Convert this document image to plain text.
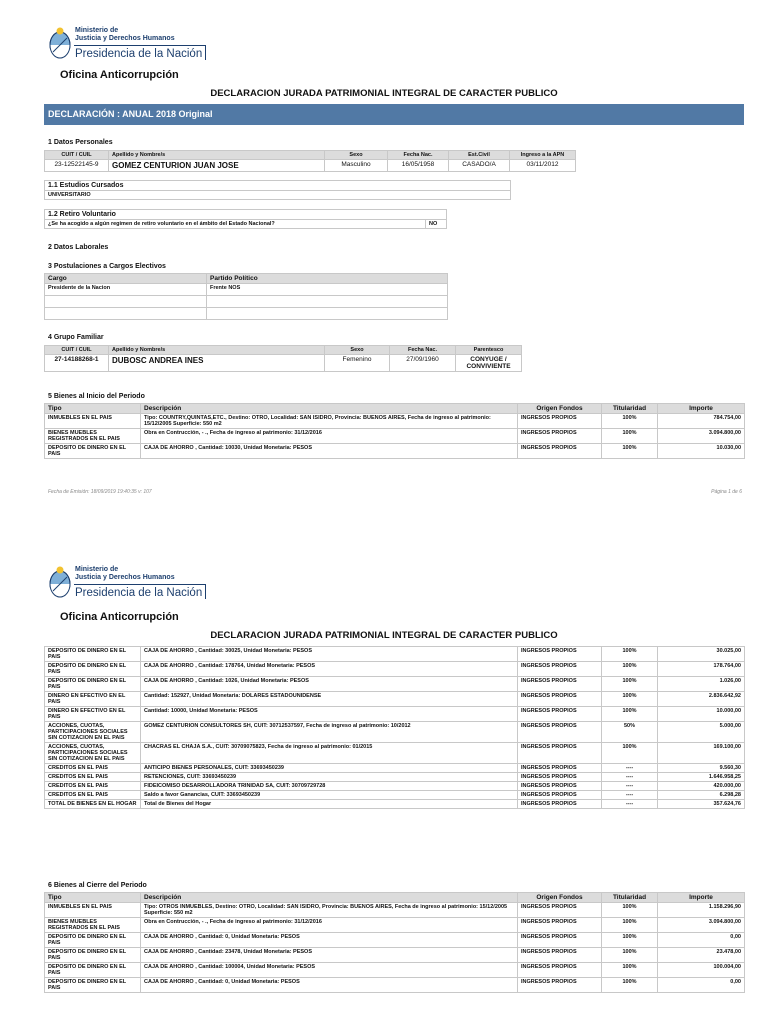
Ministerio de
Justicia y Derechos Humanos
Presidencia de la Nación
Oficina Anticorrupción
DECLARACION JURADA PATRIMONIAL INTEGRAL DE CARACTER PUBLICO
DECLARACIÓN : ANUAL 2018 Original
1 Datos Personales
CUIT / CUIL	Apellido y Nombre/s	Sexo	Fecha Nac.	Est.Civil	Ingreso a la APN
23-12522145-9	GOMEZ CENTURION JUAN JOSE	Masculino	16/05/1958	CASADO/A	03/11/2012
1.1 Estudios Cursados
UNIVERSITARIO
1.2 Retiro Voluntario
¿Se ha acogido a algún regimen de retiro voluntario en el ámbito del Estado Nacional?	NO
2 Datos Laborales
3 Postulaciones a Cargos Electivos
Cargo	Partido Político
Presidente de la Nacion	Frente NOS

4 Grupo Familiar
CUIT / CUIL	Apellido y Nombre/s	Sexo	Fecha Nac.	Parentesco
27-14188268-1	DUBOSC ANDREA INES	Femenino	27/09/1960	CONYUGE / CONVIVIENTE
5 Bienes al Inicio del Periodo
Tipo	Descripción	Origen Fondos	Titularidad	Importe
INMUEBLES EN EL PAIS	Tipo: COUNTRY,QUINTAS,ETC., Destino: OTRO, Localidad: SAN ISIDRO, Provincia: BUENOS AIRES, Fecha de ingreso al patrimonio: 15/12/2005 Superficie: 550 m2	INGRESOS PROPIOS	100%	784.754,00
BIENES MUEBLES REGISTRADOS EN EL PAIS	Obra en Contrucción, - ., Fecha de ingreso al patrimonio: 31/12/2016	INGRESOS PROPIOS	100%	3.094.800,00
DEPOSITO DE DINERO EN EL PAIS	CAJA DE AHORRO , Cantidad: 10030, Unidad Monetaria: PESOS	INGRESOS PROPIOS	100%	10.030,00
Fecha de Emisión: 18/09/2019 19:40:35 v: 107	Página 1 de 6
Ministerio de
Justicia y Derechos Humanos
Presidencia de la Nación
Oficina Anticorrupción
DECLARACION JURADA PATRIMONIAL INTEGRAL DE CARACTER PUBLICO
DEPOSITO DE DINERO EN EL PAIS	CAJA DE AHORRO , Cantidad: 30025, Unidad Monetaria: PESOS	INGRESOS PROPIOS	100%	30.025,00
DEPOSITO DE DINERO EN EL PAIS	CAJA DE AHORRO , Cantidad: 178764, Unidad Monetaria: PESOS	INGRESOS PROPIOS	100%	178.764,00
DEPOSITO DE DINERO EN EL PAIS	CAJA DE AHORRO , Cantidad: 1026, Unidad Monetaria: PESOS	INGRESOS PROPIOS	100%	1.026,00
DINERO EN EFECTIVO EN EL PAIS	Cantidad: 152927, Unidad Monetaria: DOLARES ESTADOUNIDENSE	INGRESOS PROPIOS	100%	2.836.642,92
DINERO EN EFECTIVO EN EL PAIS	Cantidad: 10000, Unidad Monetaria: PESOS	INGRESOS PROPIOS	100%	10.000,00
ACCIONES, CUOTAS, PARTICIPACIONES SOCIALES SIN COTIZACION EN EL PAIS	GOMEZ CENTURION CONSULTORES SH, CUIT: 30712537597, Fecha de ingreso al patrimonio: 10/2012	INGRESOS PROPIOS	50%	5.000,00
ACCIONES, CUOTAS, PARTICIPACIONES SOCIALES SIN COTIZACION EN EL PAIS	CHACRAS EL CHAJA S.A., CUIT: 30709075823, Fecha de ingreso al patrimonio: 01/2015	INGRESOS PROPIOS	100%	169.100,00
CREDITOS EN EL PAIS	ANTICIPO BIENES PERSONALES, CUIT: 33693450239	INGRESOS PROPIOS	----	9.560,30
CREDITOS EN EL PAIS	RETENCIONES, CUIT: 33693450239	INGRESOS PROPIOS	----	1.646.958,25
CREDITOS EN EL PAIS	FIDEICOMISO DESARROLLADORA TRINIDAD SA, CUIT: 30709729728	INGRESOS PROPIOS	----	420.000,00
CREDITOS EN EL PAIS	Saldo a favor Ganancias, CUIT: 33693450239	INGRESOS PROPIOS	----	6.298,28
TOTAL DE BIENES EN EL HOGAR	Total de Bienes del Hogar	INGRESOS PROPIOS	----	357.624,76
6 Bienes al Cierre del Periodo
Tipo	Descripción	Origen Fondos	Titularidad	Importe
INMUEBLES EN EL PAIS	Tipo: OTROS INMUEBLES, Destino: OTRO, Localidad: SAN ISIDRO, Provincia: BUENOS AIRES, Fecha de ingreso al patrimonio: 15/12/2005 Superficie: 550 m2	INGRESOS PROPIOS	100%	1.158.296,90
BIENES MUEBLES REGISTRADOS EN EL PAIS	Obra en Contrucción, - ., Fecha de ingreso al patrimonio: 31/12/2016	INGRESOS PROPIOS	100%	3.094.800,00
DEPOSITO DE DINERO EN EL PAIS	CAJA DE AHORRO , Cantidad: 0, Unidad Monetaria: PESOS	INGRESOS PROPIOS	100%	0,00
DEPOSITO DE DINERO EN EL PAIS	CAJA DE AHORRO , Cantidad: 23478, Unidad Monetaria: PESOS	INGRESOS PROPIOS	100%	23.478,00
DEPOSITO DE DINERO EN EL PAIS	CAJA DE AHORRO , Cantidad: 100004, Unidad Monetaria: PESOS	INGRESOS PROPIOS	100%	100.004,00
DEPOSITO DE DINERO EN EL PAIS	CAJA DE AHORRO , Cantidad: 0, Unidad Monetaria: PESOS	INGRESOS PROPIOS	100%	0,00
